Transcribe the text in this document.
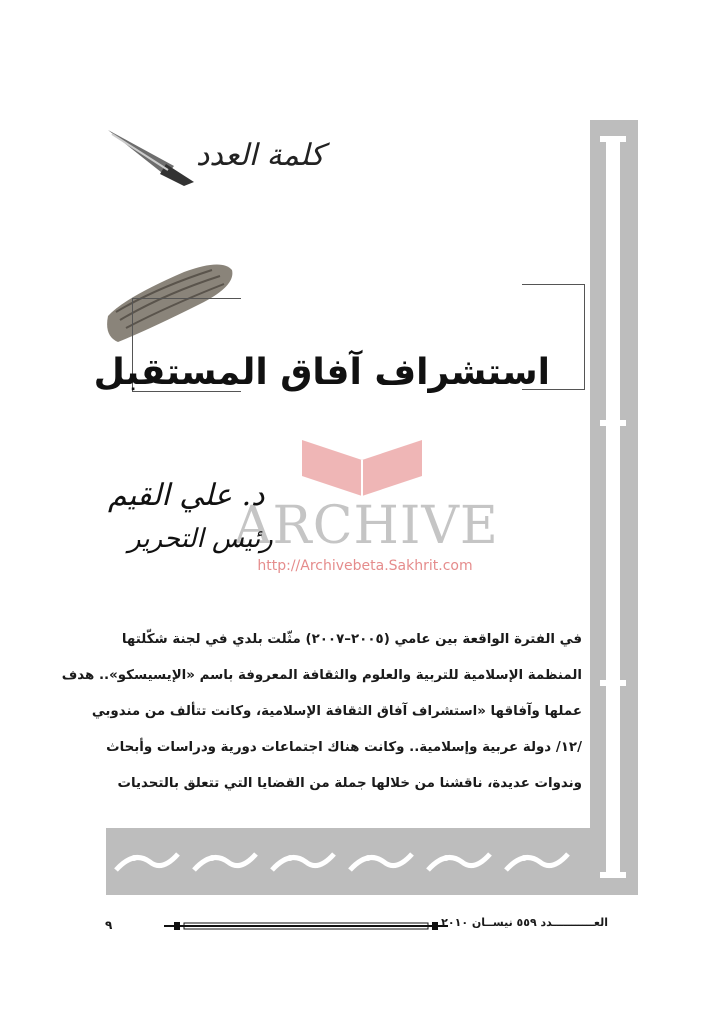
كلمة العدد
استشراف آفاق المستقبل
ARCHIVE
http://Archivebeta.Sakhrit.com
د. علي القيم
رئيس التحرير
في الفترة الواقعة بين عامي (٢٠٠٥–٢٠٠٧) مثّلت بلدي في لجنة شكّلتها
المنظمة الإسلامية للتربية والعلوم والثقافة المعروفة باسم «الإيسيسكو».. هدف
عملها وآفاقها «استشراف آفاق الثقافة الإسلامية، وكانت تتألف من مندوبي
/١٢/ دولة عربية وإسلامية.. وكانت هناك اجتماعات دورية ودراسات وأبحاث
وندوات عديدة، ناقشنا من خلالها جملة من القضايا التي تتعلق بالتحديات
٩	العـــــــــــدد ٥٥٩ نيســان ٢٠١٠
